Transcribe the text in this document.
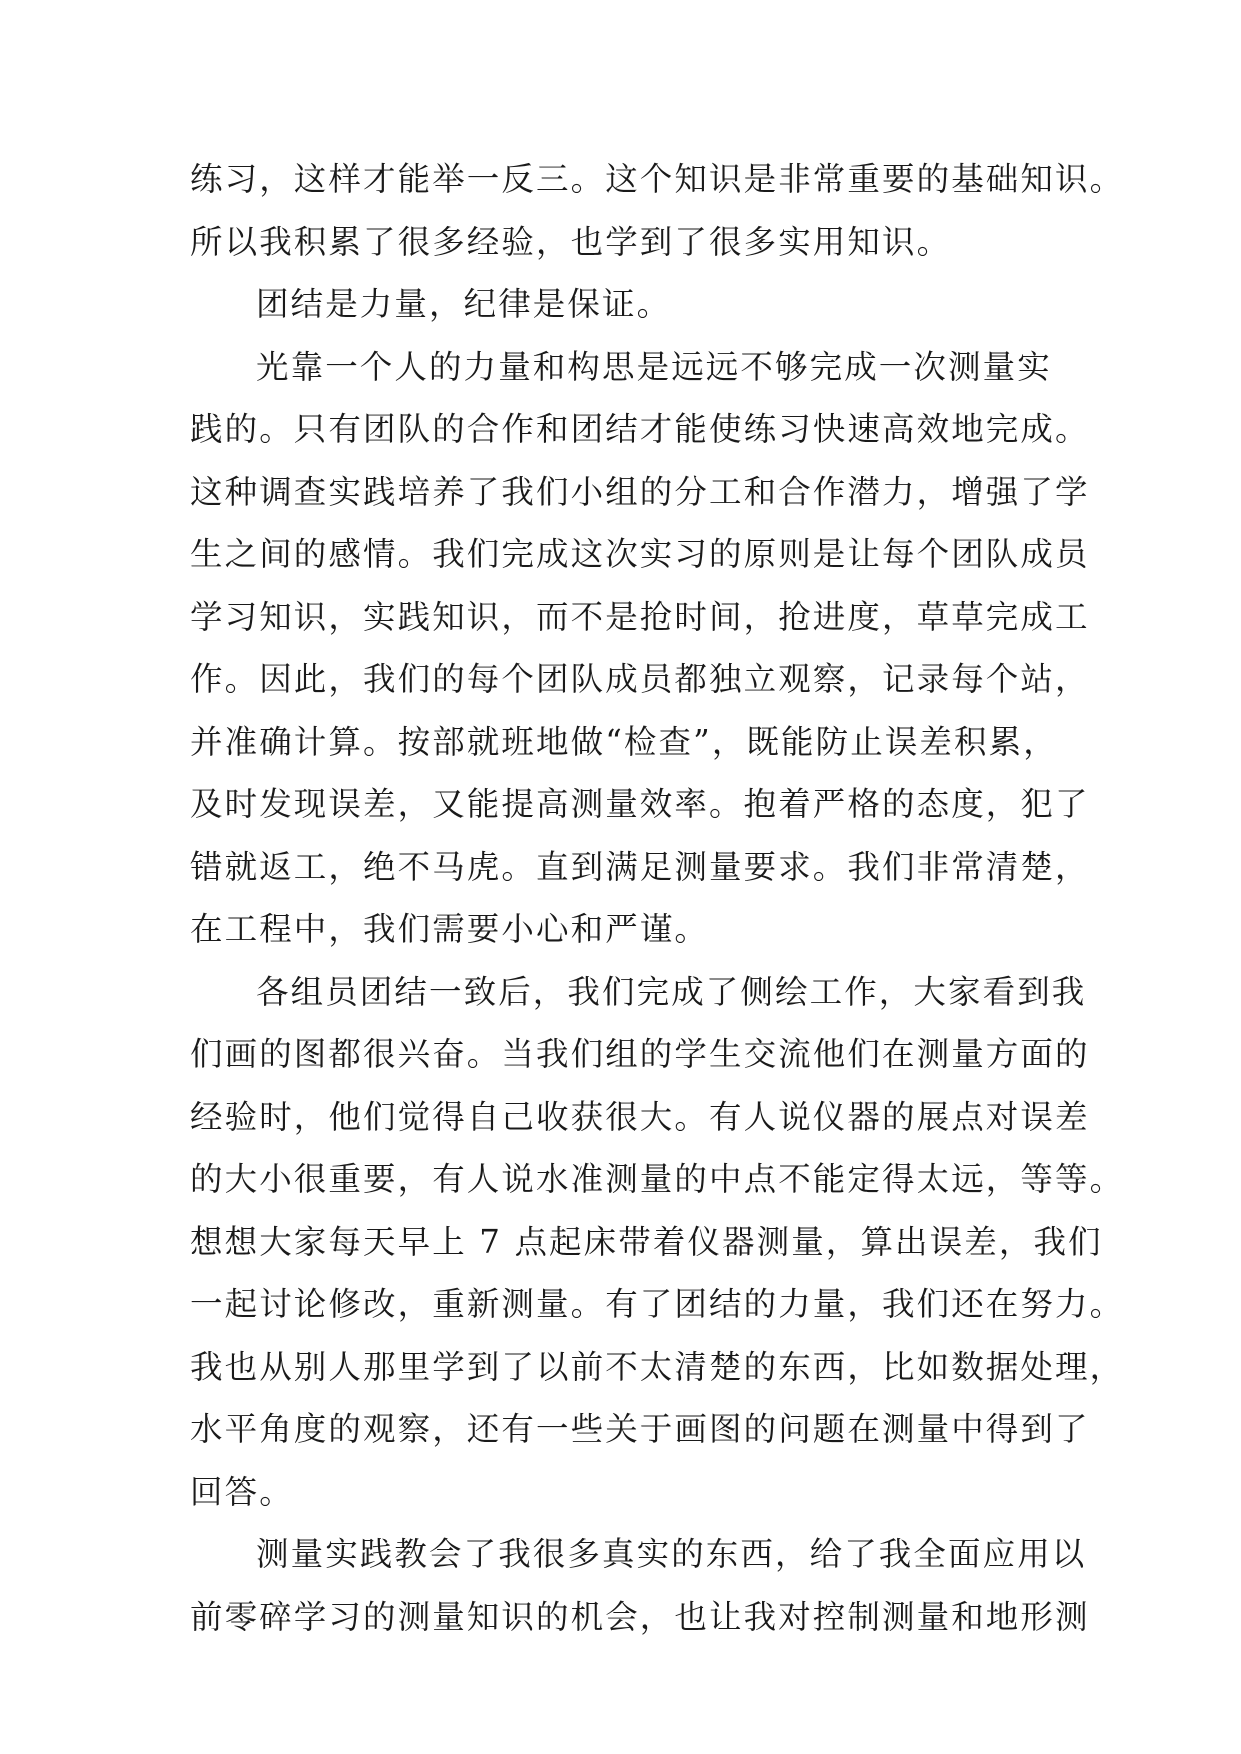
练习，这样才能举一反三。这个知识是非常重要的基础知识。
所以我积累了很多经验，也学到了很多实用知识。
团结是力量，纪律是保证。
光靠一个人的力量和构思是远远不够完成一次测量实
践的。只有团队的合作和团结才能使练习快速高效地完成。
这种调查实践培养了我们小组的分工和合作潜力，增强了学
生之间的感情。我们完成这次实习的原则是让每个团队成员
学习知识，实践知识，而不是抢时间，抢进度，草草完成工
作。因此，我们的每个团队成员都独立观察，记录每个站，
并准确计算。按部就班地做“检查”，既能防止误差积累，
及时发现误差，又能提高测量效率。抱着严格的态度，犯了
错就返工，绝不马虎。直到满足测量要求。我们非常清楚，
在工程中，我们需要小心和严谨。
各组员团结一致后，我们完成了侧绘工作，大家看到我
们画的图都很兴奋。当我们组的学生交流他们在测量方面的
经验时，他们觉得自己收获很大。有人说仪器的展点对误差
的大小很重要，有人说水准测量的中点不能定得太远，等等。
想想大家每天早上 7 点起床带着仪器测量，算出误差，我们
一起讨论修改，重新测量。有了团结的力量，我们还在努力。
我也从别人那里学到了以前不太清楚的东西，比如数据处理，
水平角度的观察，还有一些关于画图的问题在测量中得到了
回答。
测量实践教会了我很多真实的东西，给了我全面应用以
前零碎学习的测量知识的机会，也让我对控制测量和地形测
